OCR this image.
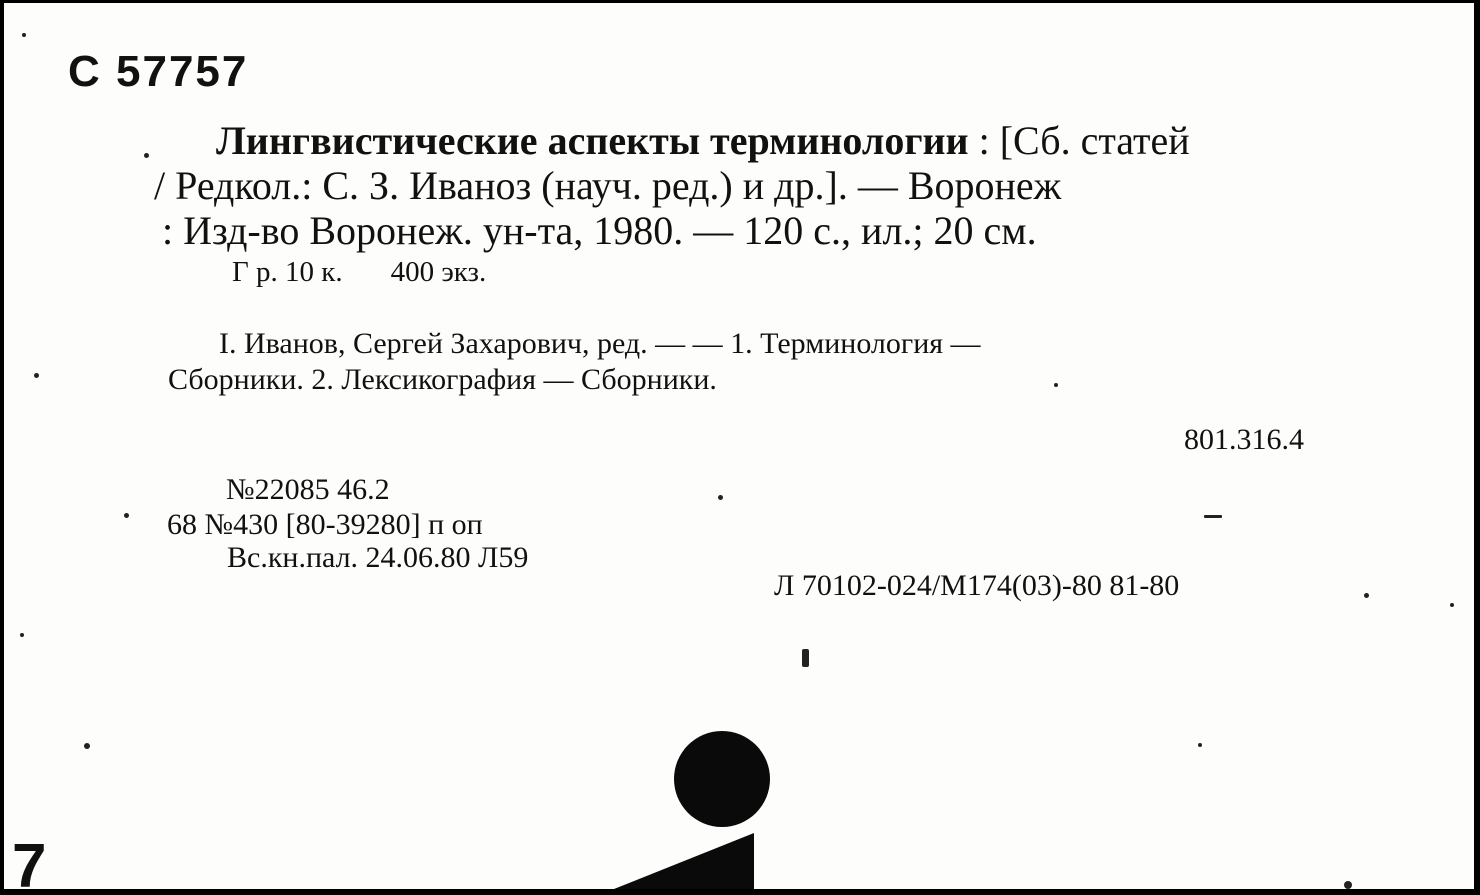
С 57757
Лингвистические аспекты терминологии : [Сб. статей
/ Редкол.: С. З. Иваноз (науч. ред.) и др.]. — Воронеж
: Изд-во Воронеж. ун-та, 1980. — 120 с., ил.; 20 см.
Г р. 10 к. 400 экз.
I. Иванов, Сергей Захарович, ред. — — 1. Терминология —
Сборники. 2. Лексикография — Сборники.
801.316.4
№22085 46.2
68 №430 [80-39280] п оп
Вс.кн.пал. 24.06.80 Л59
Л 70102-024/М174(03)-80 81-80
7
